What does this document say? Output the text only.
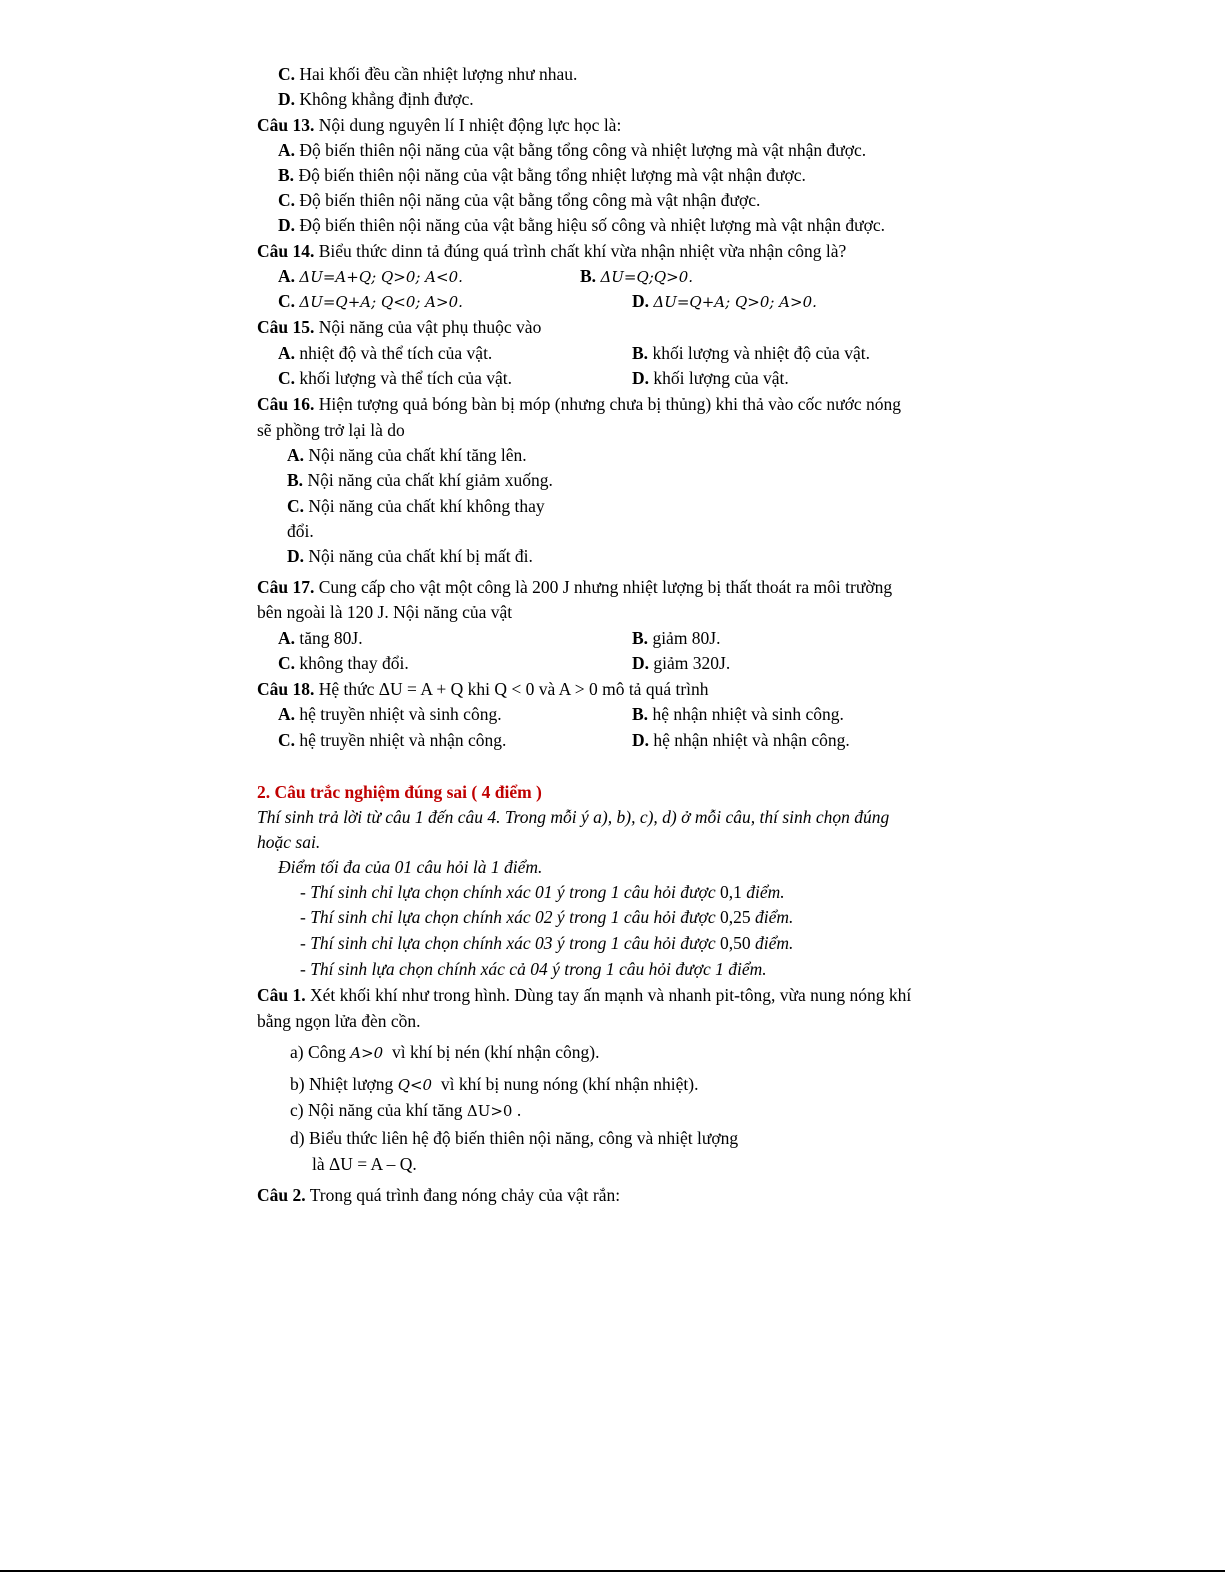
C. Hai khối đều cần nhiệt lượng như nhau.
D. Không khẳng định được.
Câu 13. Nội dung nguyên lí I nhiệt động lực học là:
A. Độ biến thiên nội năng của vật bằng tổng công và nhiệt lượng mà vật nhận được.
B. Độ biến thiên nội năng của vật bằng tổng nhiệt lượng mà vật nhận được.
C. Độ biến thiên nội năng của vật bằng tổng công mà vật nhận được.
D. Độ biến thiên nội năng của vật bằng hiệu số công và nhiệt lượng mà vật nhận được.
Câu 14. Biểu thức dinn tả đúng quá trình chất khí vừa nhận nhiệt vừa nhận công là?
A. ΔU=A+Q; Q>0; A<0.	B. ΔU=Q;Q>0.
C. ΔU=Q+A; Q<0; A>0.	D. ΔU=Q+A; Q>0; A>0.
Câu 15. Nội năng của vật phụ thuộc vào
A. nhiệt độ và thể tích của vật.	B. khối lượng và nhiệt độ của vật.
C. khối lượng và thể tích của vật.	D. khối lượng của vật.
Câu 16. Hiện tượng quả bóng bàn bị móp (nhưng chưa bị thủng) khi thả vào cốc nước nóng
sẽ phồng trở lại là do
A. Nội năng của chất khí tăng lên.
B. Nội năng của chất khí giảm xuống.
C. Nội năng của chất khí không thay
đổi.
D. Nội năng của chất khí bị mất đi.
Câu 17. Cung cấp cho vật một công là 200 J nhưng nhiệt lượng bị thất thoát ra môi trường
bên ngoài là 120 J. Nội năng của vật
A. tăng 80J.	B. giảm 80J.
C. không thay đổi.	D. giảm 320J.
Câu 18. Hệ thức ΔU = A + Q khi Q < 0 và A > 0 mô tả quá trình
A. hệ truyền nhiệt và sinh công.	B. hệ nhận nhiệt và sinh công.
C. hệ truyền nhiệt và nhận công.	D. hệ nhận nhiệt và nhận công.
2. Câu trắc nghiệm đúng sai ( 4 điểm )
Thí sinh trả lời từ câu 1 đến câu 4. Trong mỗi ý a), b), c), d) ở mỗi câu, thí sinh chọn đúng
hoặc sai.
Điểm tối đa của 01 câu hỏi là 1 điểm.
- Thí sinh chỉ lựa chọn chính xác 01 ý trong 1 câu hỏi được 0,1 điểm.
- Thí sinh chỉ lựa chọn chính xác 02 ý trong 1 câu hỏi được 0,25 điểm.
- Thí sinh chỉ lựa chọn chính xác 03 ý trong 1 câu hỏi được 0,50 điểm.
- Thí sinh lựa chọn chính xác cả 04 ý trong 1 câu hỏi được 1 điểm.
Câu 1. Xét khối khí như trong hình. Dùng tay ấn mạnh và nhanh pit-tông, vừa nung nóng khí
bằng ngọn lửa đèn cồn.
a) Công A>0 vì khí bị nén (khí nhận công).
b) Nhiệt lượng Q<0 vì khí bị nung nóng (khí nhận nhiệt).
c) Nội năng của khí tăng ΔU>0 .
d) Biểu thức liên hệ độ biến thiên nội năng, công và nhiệt lượng
là ΔU = A – Q.
Câu 2. Trong quá trình đang nóng chảy của vật rắn:
